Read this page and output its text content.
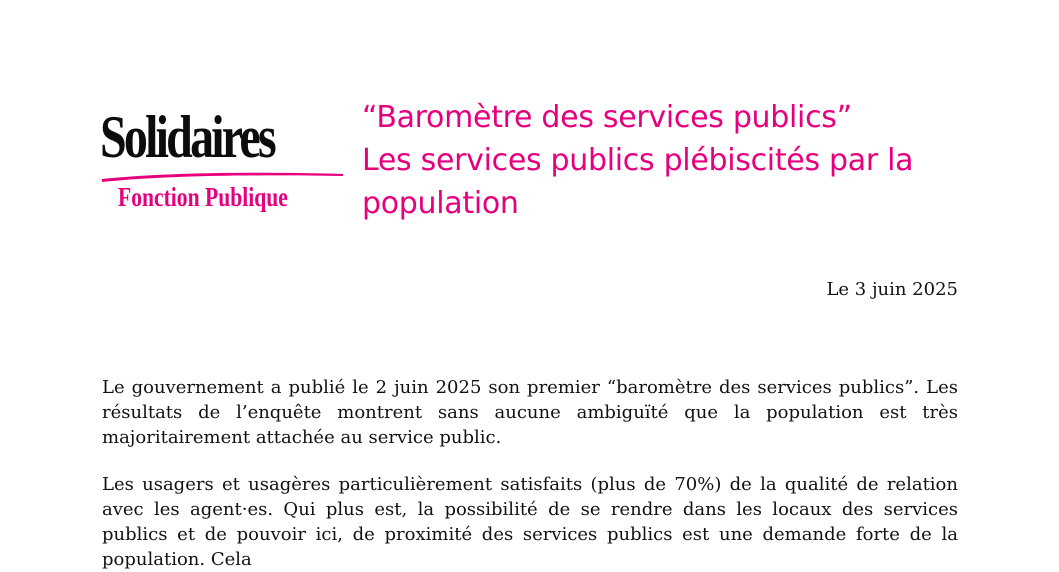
Solidaires
Fonction Publique
“Baromètre des services publics”
Les services publics plébiscités par la
population
Le 3 juin 2025
Le gouvernement a publié le 2 juin 2025 son premier “baromètre des services publics”. Les résultats de l’enquête montrent sans aucune ambiguïté que la population est très majoritairement attachée au service public.
Les usagers et usagères particulièrement satisfaits (plus de 70%) de la qualité de relation avec les agent·es. Qui plus est, la possibilité de se rendre dans les locaux des services publics et de pouvoir ici, de proximité des services publics est une demande forte de la population. Cela
